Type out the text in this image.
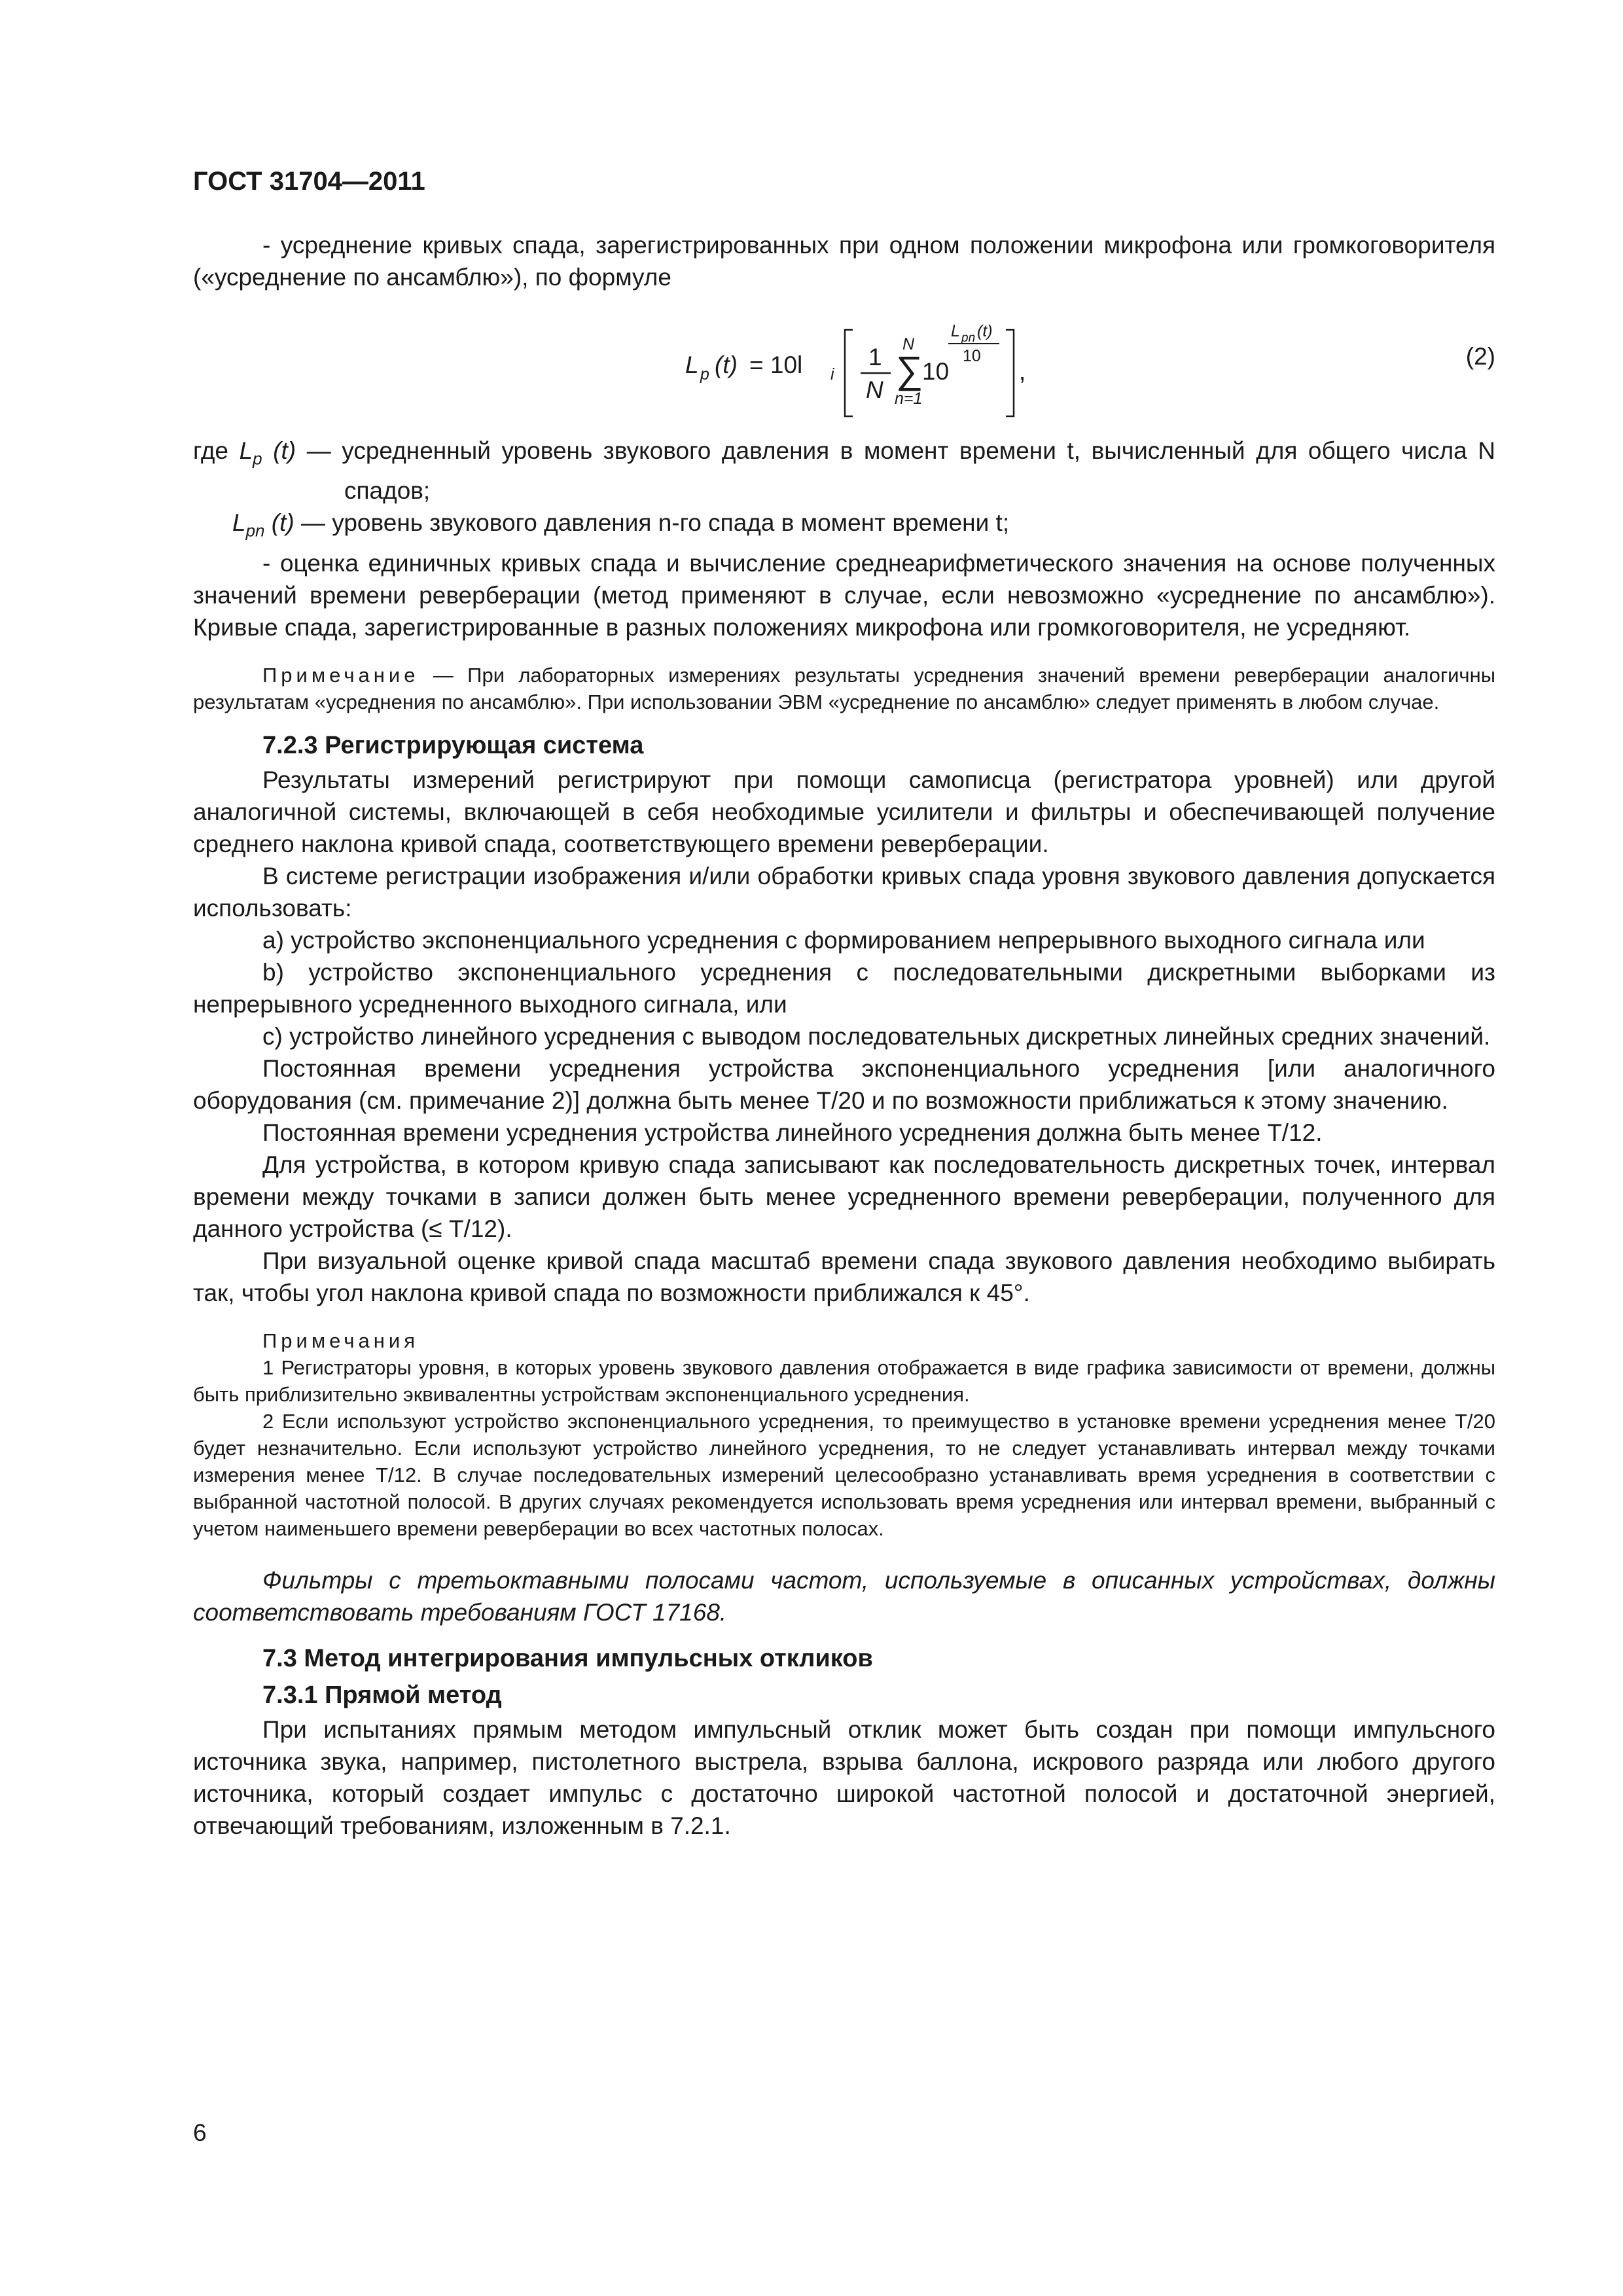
ГОСТ 31704—2011

- усреднение кривых спада, зарегистрированных при одном положении микрофона или громкоговорителя («усреднение по ансамблю»), по формуле

L p (t) = 10l i
1
N
N
∑
n=1
10
L pn (t)
10
,
(2)

где $L_p$ (t) — усредненный уровень звукового давления в момент времени t, вычисленный для общего числа N спадов;

$L_{pn}$ (t) — уровень звукового давления n-го спада в момент времени t;

- оценка единичных кривых спада и вычисление среднеарифметического значения на основе полученных значений времени реверберации (метод применяют в случае, если невозможно «усреднение по ансамблю»). Кривые спада, зарегистрированные в разных положениях микрофона или громкоговорителя, не усредняют.

Примечание — При лабораторных измерениях результаты усреднения значений времени реверберации аналогичны результатам «усреднения по ансамблю». При использовании ЭВМ «усреднение по ансамблю» следует применять в любом случае.

7.2.3 Регистрирующая система

Результаты измерений регистрируют при помощи самописца (регистратора уровней) или другой аналогичной системы, включающей в себя необходимые усилители и фильтры и обеспечивающей получение среднего наклона кривой спада, соответствующего времени реверберации.

В системе регистрации изображения и/или обработки кривых спада уровня звукового давления допускается использовать:

a) устройство экспоненциального усреднения с формированием непрерывного выходного сигнала или

b) устройство экспоненциального усреднения с последовательными дискретными выборками из непрерывного усредненного выходного сигнала, или

c) устройство линейного усреднения с выводом последовательных дискретных линейных средних значений.

Постоянная времени усреднения устройства экспоненциального усреднения [или аналогичного оборудования (см. примечание 2)] должна быть менее T/20 и по возможности приближаться к этому значению.

Постоянная времени усреднения устройства линейного усреднения должна быть менее T/12.

Для устройства, в котором кривую спада записывают как последовательность дискретных точек, интервал времени между точками в записи должен быть менее усредненного времени реверберации, полученного для данного устройства (≤ T/12).

При визуальной оценке кривой спада масштаб времени спада звукового давления необходимо выбирать так, чтобы угол наклона кривой спада по возможности приближался к 45°.

Примечания

1 Регистраторы уровня, в которых уровень звукового давления отображается в виде графика зависимости от времени, должны быть приблизительно эквивалентны устройствам экспоненциального усреднения.

2 Если используют устройство экспоненциального усреднения, то преимущество в установке времени усреднения менее T/20 будет незначительно. Если используют устройство линейного усреднения, то не следует устанавливать интервал между точками измерения менее T/12. В случае последовательных измерений целесообразно устанавливать время усреднения в соответствии с выбранной частотной полосой. В других случаях рекомендуется использовать время усреднения или интервал времени, выбранный с учетом наименьшего времени реверберации во всех частотных полосах.

Фильтры с третьоктавными полосами частот, используемые в описанных устройствах, должны соответствовать требованиям ГОСТ 17168.

7.3 Метод интегрирования импульсных откликов
7.3.1 Прямой метод

При испытаниях прямым методом импульсный отклик может быть создан при помощи импульсного источника звука, например, пистолетного выстрела, взрыва баллона, искрового разряда или любого другого источника, который создает импульс с достаточно широкой частотной полосой и достаточной энергией, отвечающий требованиям, изложенным в 7.2.1.

6
